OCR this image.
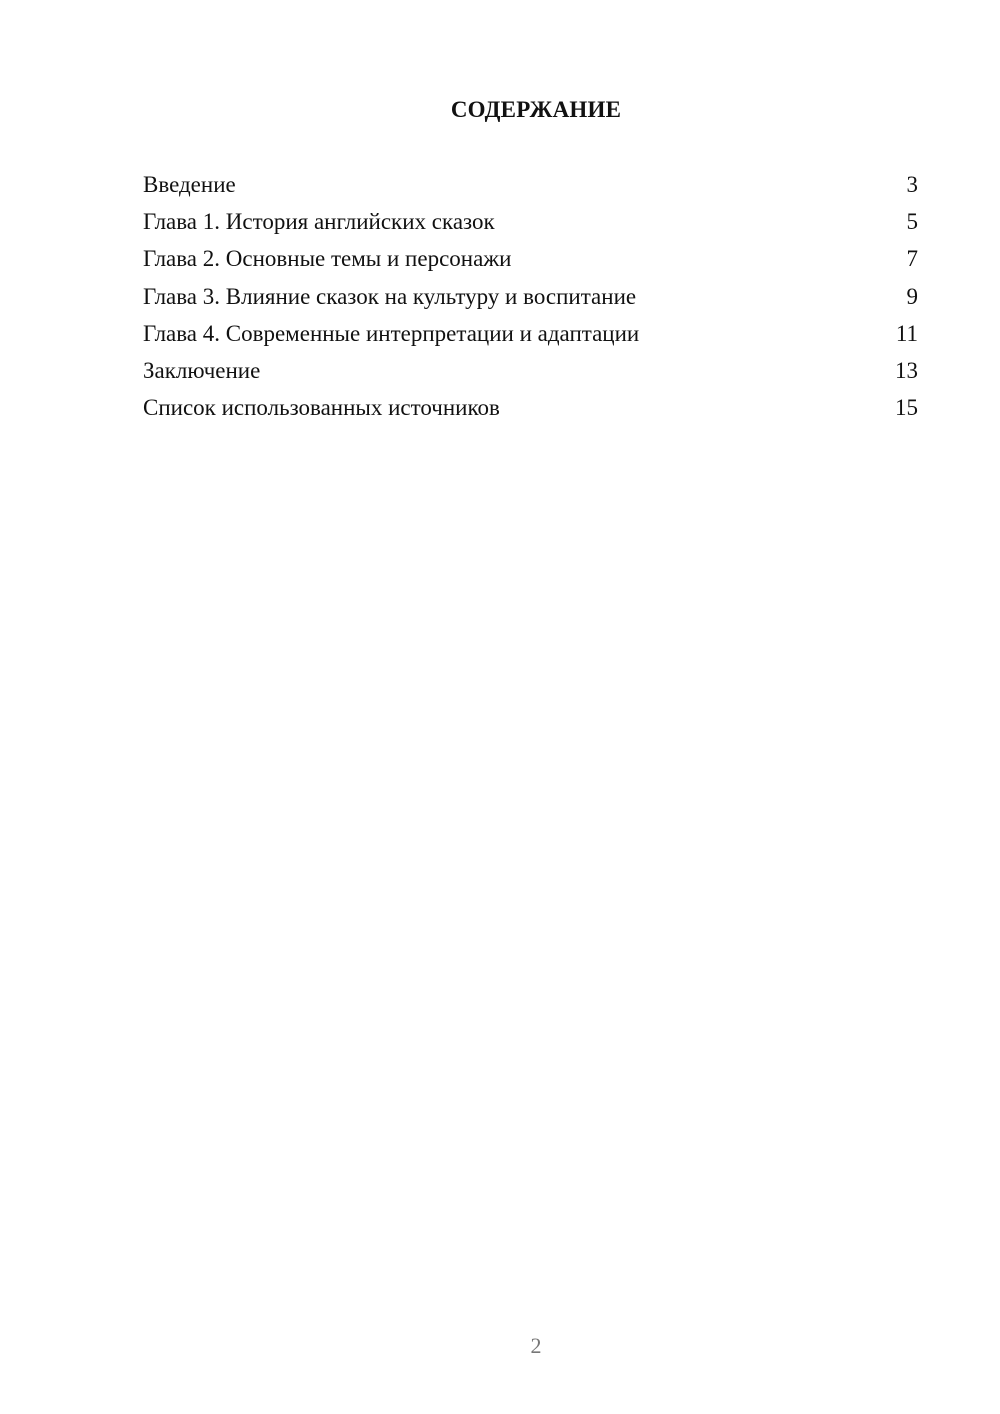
СОДЕРЖАНИЕ
Введение	3
Глава 1. История английских сказок	5
Глава 2. Основные темы и персонажи	7
Глава 3. Влияние сказок на культуру и воспитание	9
Глава 4. Современные интерпретации и адаптации	11
Заключение	13
Список использованных источников	15
2
